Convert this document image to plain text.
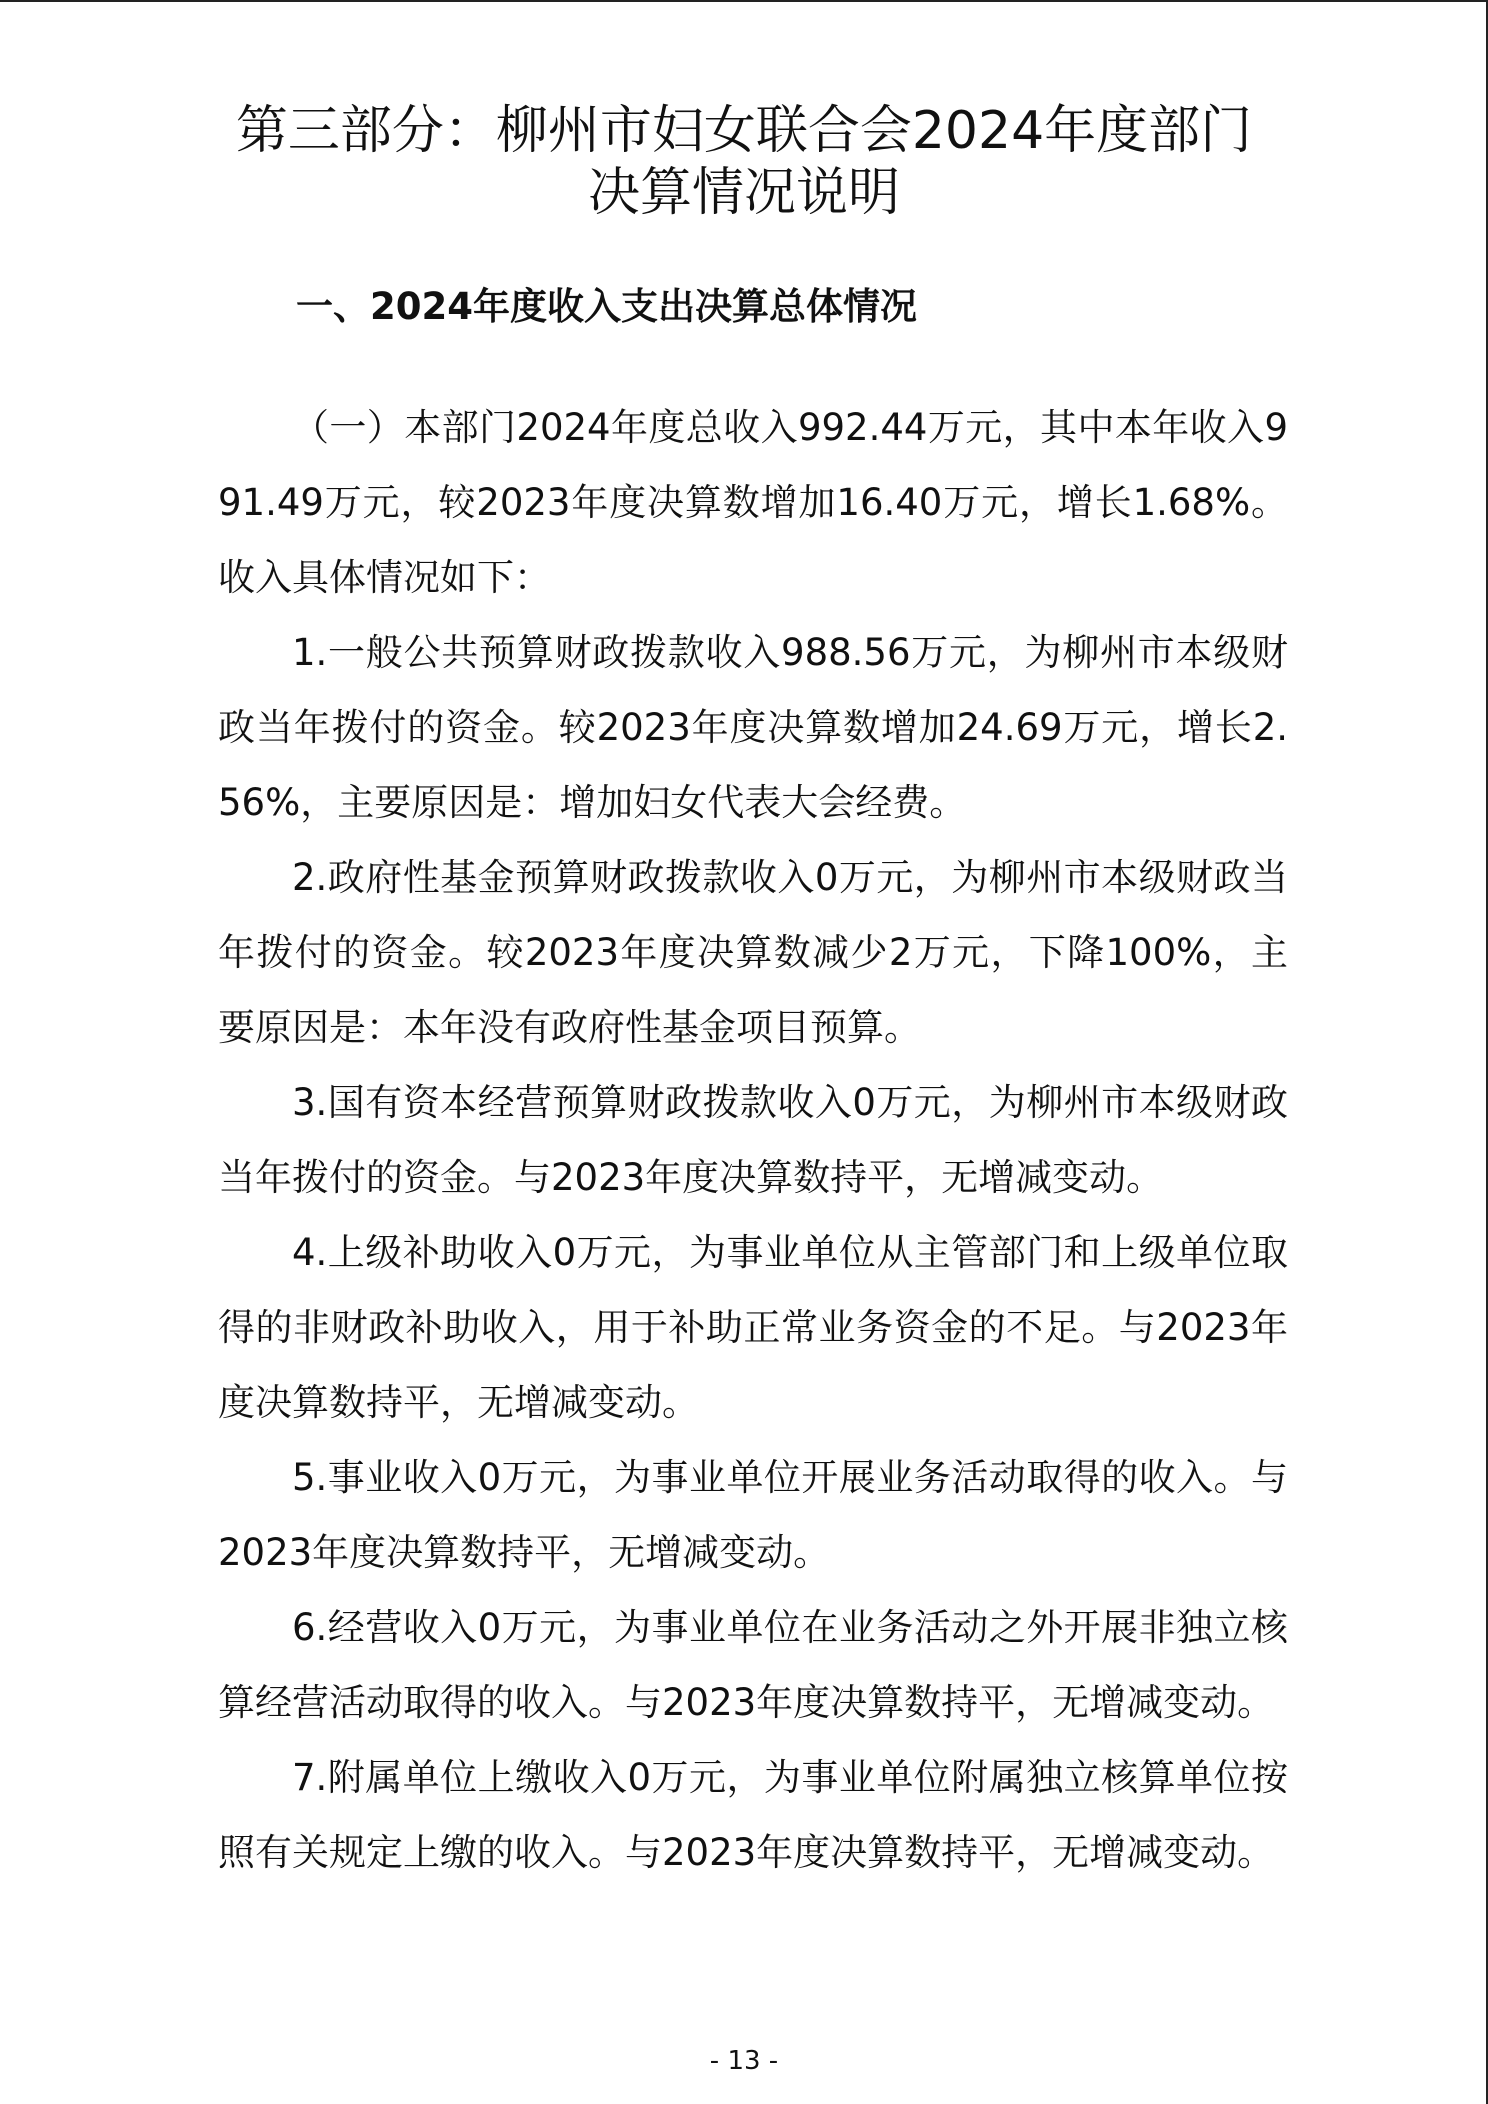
第三部分：柳州市妇女联合会2024年度部门
决算情况说明
一、2024年度收入支出决算总体情况

（一）本部门2024年度总收入992.44万元，其中本年收入991.49万元，较2023年度决算数增加16.40万元，增长1.68%。收入具体情况如下：

1.一般公共预算财政拨款收入988.56万元，为柳州市本级财政当年拨付的资金。较2023年度决算数增加24.69万元，增长2.56%，主要原因是：增加妇女代表大会经费。

2.政府性基金预算财政拨款收入0万元，为柳州市本级财政当年拨付的资金。较2023年度决算数减少2万元，下降100%，主要原因是：本年没有政府性基金项目预算。

3.国有资本经营预算财政拨款收入0万元，为柳州市本级财政当年拨付的资金。与2023年度决算数持平，无增减变动。

4.上级补助收入0万元，为事业单位从主管部门和上级单位取得的非财政补助收入，用于补助正常业务资金的不足。与2023年度决算数持平，无增减变动。

5.事业收入0万元，为事业单位开展业务活动取得的收入。与2023年度决算数持平，无增减变动。

6.经营收入0万元，为事业单位在业务活动之外开展非独立核算经营活动取得的收入。与2023年度决算数持平，无增减变动。

7.附属单位上缴收入0万元，为事业单位附属独立核算单位按照有关规定上缴的收入。与2023年度决算数持平，无增减变动。

- 13 -
